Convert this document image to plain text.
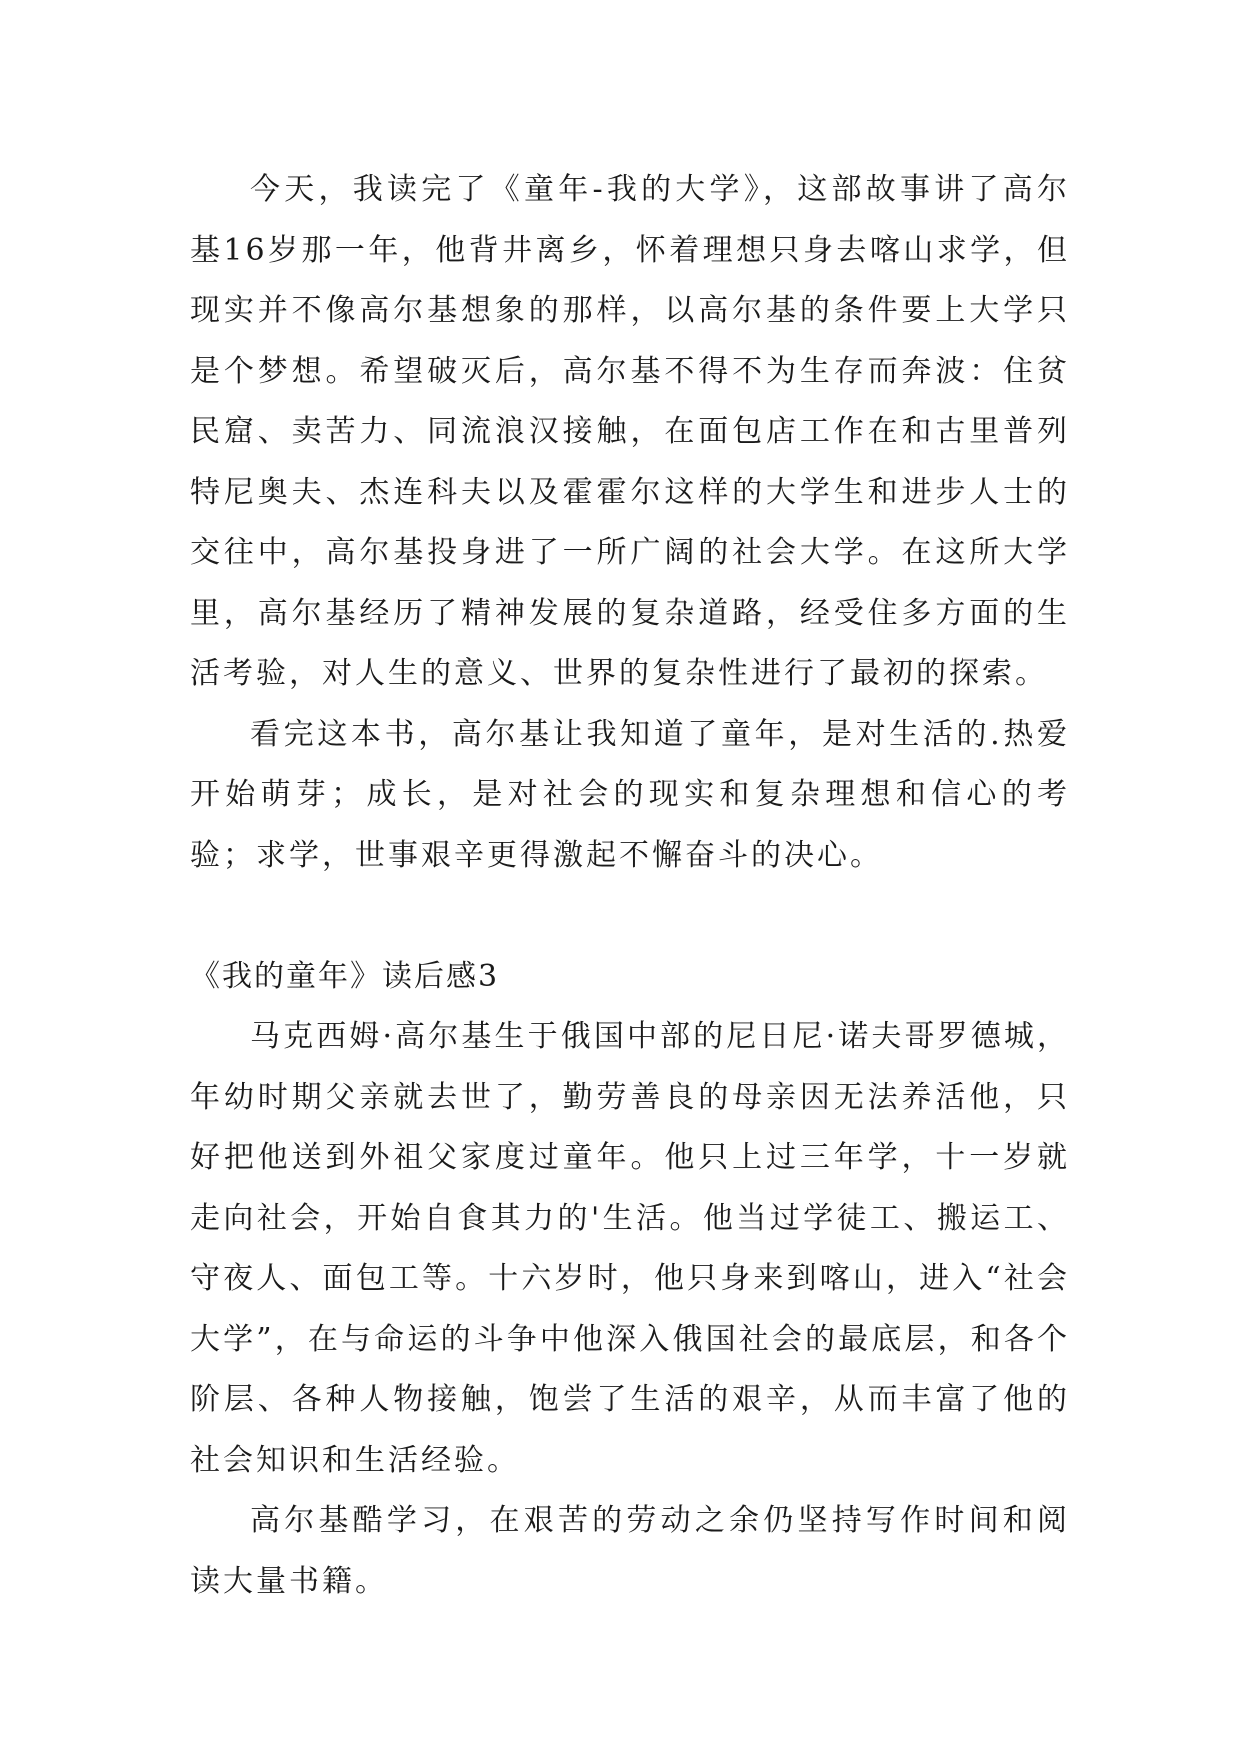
今天，我读完了《童年-我的大学》，这部故事讲了高尔基16岁那一年，他背井离乡，怀着理想只身去喀山求学，但现实并不像高尔基想象的那样，以高尔基的条件要上大学只是个梦想。希望破灭后，高尔基不得不为生存而奔波：住贫民窟、卖苦力、同流浪汉接触，在面包店工作在和古里普列特尼奥夫、杰连科夫以及霍霍尔这样的大学生和进步人士的交往中，高尔基投身进了一所广阔的社会大学。在这所大学里，高尔基经历了精神发展的复杂道路，经受住多方面的生活考验，对人生的意义、世界的复杂性进行了最初的探索。

看完这本书，高尔基让我知道了童年，是对生活的.热爱开始萌芽；成长，是对社会的现实和复杂理想和信心的考验；求学，世事艰辛更得激起不懈奋斗的决心。

《我的童年》读后感3

马克西姆·高尔基生于俄国中部的尼日尼·诺夫哥罗德城，年幼时期父亲就去世了，勤劳善良的母亲因无法养活他，只好把他送到外祖父家度过童年。他只上过三年学，十一岁就走向社会，开始自食其力的'生活。他当过学徒工、搬运工、守夜人、面包工等。十六岁时，他只身来到喀山，进入“社会大学”，在与命运的斗争中他深入俄国社会的最底层，和各个阶层、各种人物接触，饱尝了生活的艰辛，从而丰富了他的社会知识和生活经验。

高尔基酷学习，在艰苦的劳动之余仍坚持写作时间和阅读大量书籍。
